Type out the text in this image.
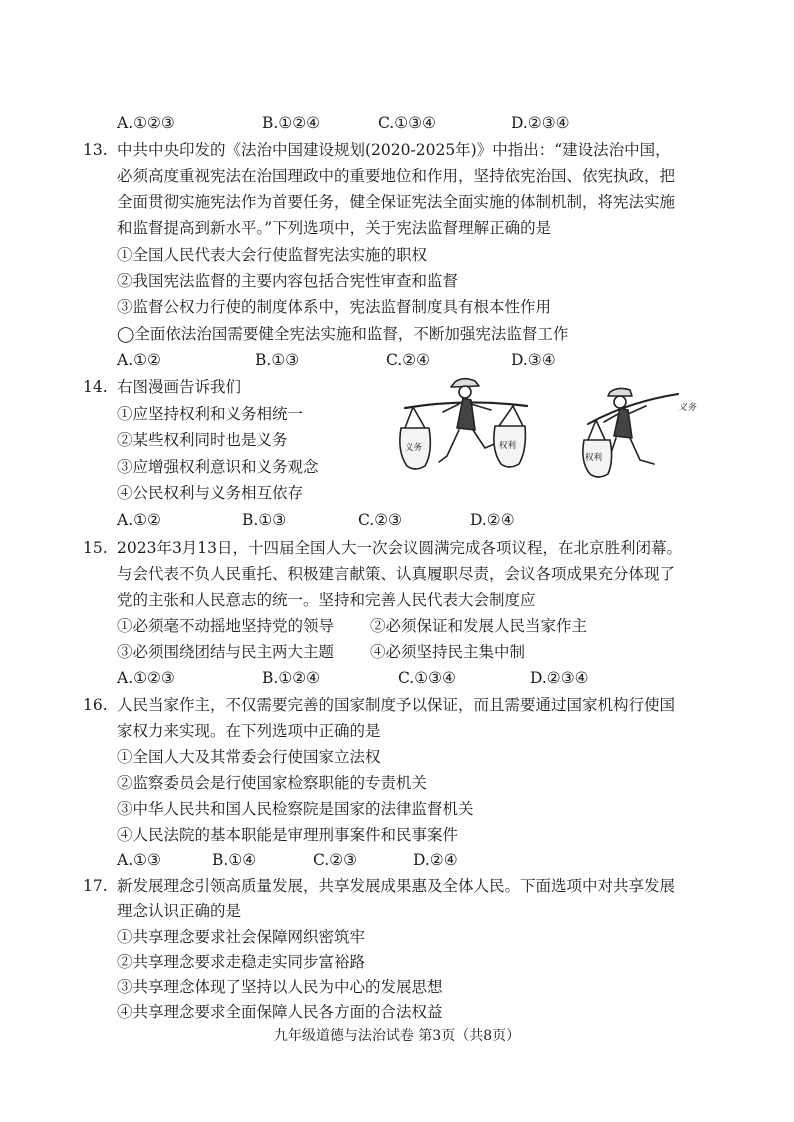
A.①②③	B.①②④	C.①③④	D.②③④
13. 中共中央印发的《法治中国建设规划(2020-2025年)》中指出：“建设法治中国，
必须高度重视宪法在治国理政中的重要地位和作用，坚持依宪治国、依宪执政，把
全面贯彻实施宪法作为首要任务，健全保证宪法全面实施的体制机制，将宪法实施
和监督提高到新水平。”下列选项中，关于宪法监督理解正确的是
①全国人民代表大会行使监督宪法实施的职权
②我国宪法监督的主要内容包括合宪性审查和监督
③监督公权力行使的制度体系中，宪法监督制度具有根本性作用
◯全面依法治国需要健全宪法实施和监督，不断加强宪法监督工作
A.①②	B.①③	C.②④	D.③④
14. 右图漫画告诉我们
①应坚持权利和义务相统一
②某些权利同时也是义务
③应增强权利意识和义务观念
④公民权利与义务相互依存
A.①②	B.①③	C.②③	D.②④
义务	权利
权利
义务
15. 2023年3月13日，十四届全国人大一次会议圆满完成各项议程，在北京胜利闭幕。
与会代表不负人民重托、积极建言献策、认真履职尽责，会议各项成果充分体现了
党的主张和人民意志的统一。坚持和完善人民代表大会制度应
①必须毫不动摇地坚持党的领导 ②必须保证和发展人民当家作主
③必须围绕团结与民主两大主题 ④必须坚持民主集中制
A.①②③	B.①②④	C.①③④	D.②③④
16. 人民当家作主，不仅需要完善的国家制度予以保证，而且需要通过国家机构行使国
家权力来实现。在下列选项中正确的是
①全国人大及其常委会行使国家立法权
②监察委员会是行使国家检察职能的专责机关
③中华人民共和国人民检察院是国家的法律监督机关
④人民法院的基本职能是审理刑事案件和民事案件
A.①③	B.①④	C.②③	D.②④
17. 新发展理念引领高质量发展，共享发展成果惠及全体人民。下面选项中对共享发展
理念认识正确的是
①共享理念要求社会保障网织密筑牢
②共享理念要求走稳走实同步富裕路
③共享理念体现了坚持以人民为中心的发展思想
④共享理念要求全面保障人民各方面的合法权益
九年级道德与法治试卷 第3页（共8页）
